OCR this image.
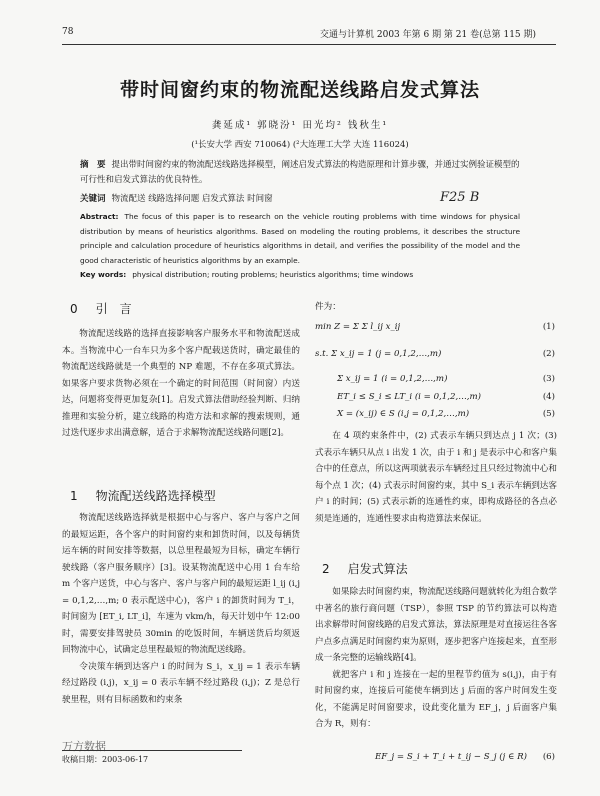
78	交通与计算机 2003 年第 6 期 第 21 卷(总第 115 期)
带时间窗约束的物流配送线路启发式算法
龚延成¹ 郭晓汾¹ 田光均² 钱秋生¹
(¹长安大学 西安 710064) (²大连理工大学 大连 116024)
摘　要 提出带时间窗约束的物流配送线路选择模型，阐述启发式算法的构造原理和计算步骤，并通过实例验证模型的可行性和启发式算法的优良特性。
关键词 物流配送 线路选择问题 启发式算法 时间窗	F25 B
Abstract: The focus of this paper is to research on the vehicle routing problems with time windows for physical distribution by means of heuristics algorithms. Based on modeling the routing problems, it describes the structure principle and calculation procedure of heuristics algorithms in detail, and verifies the possibility of the model and the good characteristic of heuristics algorithms by an example.
Key words: physical distribution; routing problems; heuristics algorithms; time windows
0 引　言

物流配送线路的选择直接影响客户服务水平和物流配送成本。当物流中心一台车只为多个客户配载送货时，确定最佳的物流配送线路就是一个典型的 NP 难题，不存在多项式算法。如果客户要求货物必须在一个确定的时间范围（时间窗）内送达，问题将变得更加复杂[1]。启发式算法借助经验判断、归纳推理和实验分析，建立线路的构造方法和求解的搜索规则，通过迭代逐步求出满意解，适合于求解物流配送线路问题[2]。

1 物流配送线路选择模型

物流配送线路选择就是根据中心与客户、客户与客户之间的最短运距，各个客户的时间窗约束和卸货时间，以及每辆货运车辆的时间安排等数据，以总里程最短为目标，确定车辆行驶线路（客户服务顺序）[3]。设某物流配送中心用 1 台车给 m 个客户送货，中心与客户、客户与客户间的最短运距 l_ij (i,j = 0,1,2,…,m; 0 表示配送中心)，客户 i 的卸货时间为 T_i，时间窗为 [ET_i, LT_i]，车速为 vkm/h，每天计划中午 12:00 时，需要安排驾驶员 30min 的吃饭时间，车辆送货后均须返回物流中心，试确定总里程最短的物流配送线路。

令决策车辆到达客户 i 的时间为 S_i，x_ij = 1 表示车辆经过路段 (i,j)，x_ij = 0 表示车辆不经过路段 (i,j)；Z 是总行驶里程，则有目标函数和约束条

件为：
min Z = Σ Σ l_ij x_ij	(1)
s.t. Σ x_ij = 1 (j = 0,1,2,…,m)	(2)
Σ x_ij = 1 (i = 0,1,2,…,m)	(3)
ET_i ≤ S_i ≤ LT_i (i = 0,1,2,…,m)	(4)
X = (x_ij) ∈ S (i,j = 0,1,2,…,m)	(5)

在 4 项约束条件中，(2) 式表示车辆只到达点 j 1 次；(3) 式表示车辆只从点 i 出发 1 次，由于 i 和 j 是表示中心和客户集合中的任意点，所以这两项就表示车辆经过且只经过物流中心和每个点 1 次；(4) 式表示时间窗约束，其中 S_i 表示车辆到达客户 i 的时间；(5) 式表示新的连通性约束，即构成路径的各点必须是连通的，连通性要求由构造算法来保证。

2 启发式算法

如果除去时间窗约束，物流配送线路问题就转化为组合数学中著名的旅行商问题（TSP），参照 TSP 的节约算法可以构造出求解带时间窗线路的启发式算法，算法原理是对直接运往各客户点多点满足时间窗约束为原则，逐步把客户连接起来，直至形成一条完整的运输线路[4]。

就把客户 i 和 j 连接在一起的里程节约值为 s(i,j)，由于有时间窗约束，连接后可能使车辆到达 j 后面的客户时间发生变化，不能满足时间窗要求，设此变化量为 EF_j，j 后面客户集合为 R，则有：

EF_j = S_i + T_i + t_ij − S_j (j ∈ R) (6)
万方数据
收稿日期：2003-06-17
